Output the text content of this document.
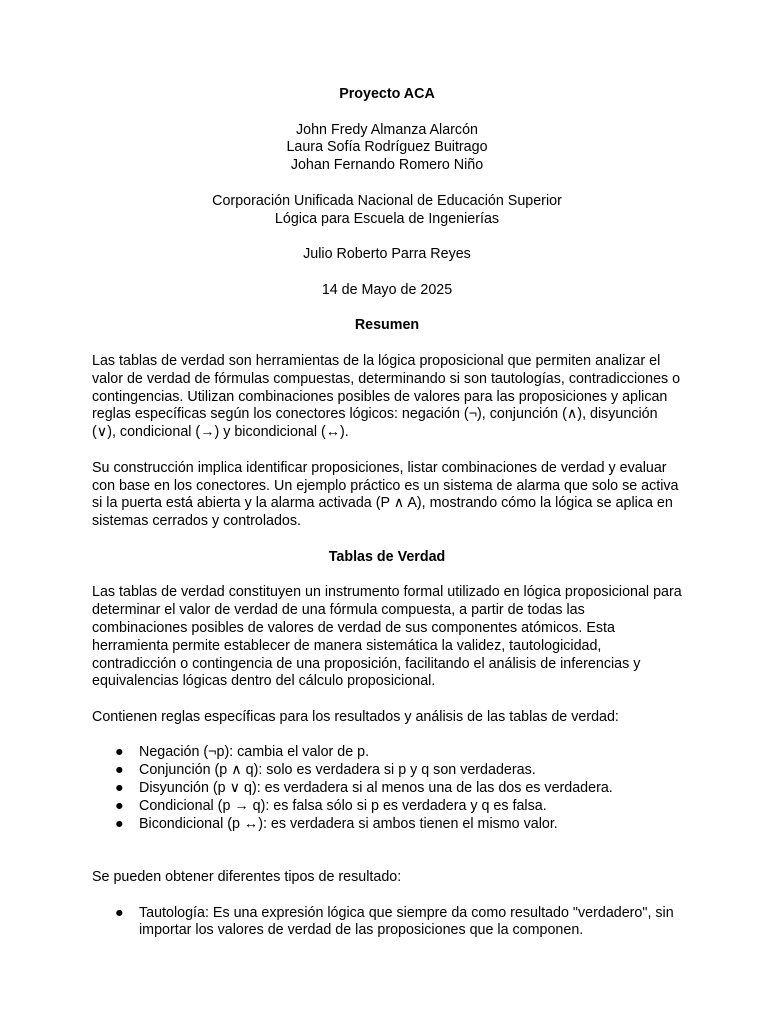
Proyecto ACA

John Fredy Almanza Alarcón

Laura Sofía Rodríguez Buitrago

Johan Fernando Romero Niño

Corporación Unificada Nacional de Educación Superior

Lógica para Escuela de Ingenierías

Julio Roberto Parra Reyes

14 de Mayo de 2025

Resumen

Las tablas de verdad son herramientas de la lógica proposicional que permiten analizar el valor de verdad de fórmulas compuestas, determinando si son tautologías, contradicciones o contingencias. Utilizan combinaciones posibles de valores para las proposiciones y aplican reglas específicas según los conectores lógicos: negación (¬), conjunción (∧), disyunción (∨), condicional (→) y bicondicional (↔).

Su construcción implica identificar proposiciones, listar combinaciones de verdad y evaluar con base en los conectores. Un ejemplo práctico es un sistema de alarma que solo se activa si la puerta está abierta y la alarma activada (P ∧ A), mostrando cómo la lógica se aplica en sistemas cerrados y controlados.

Tablas de Verdad

Las tablas de verdad constituyen un instrumento formal utilizado en lógica proposicional para determinar el valor de verdad de una fórmula compuesta, a partir de todas las combinaciones posibles de valores de verdad de sus componentes atómicos. Esta herramienta permite establecer de manera sistemática la validez, tautologicidad, contradicción o contingencia de una proposición, facilitando el análisis de inferencias y equivalencias lógicas dentro del cálculo proposicional.

Contienen reglas específicas para los resultados y análisis de las tablas de verdad:

● Negación (¬p): cambia el valor de p.
● Conjunción (p ∧ q): solo es verdadera si p y q son verdaderas.
● Disyunción (p ∨ q): es verdadera si al menos una de las dos es verdadera.
● Condicional (p → q): es falsa sólo si p es verdadera y q es falsa.
● Bicondicional (p ↔): es verdadera si ambos tienen el mismo valor.

Se pueden obtener diferentes tipos de resultado:

● Tautología: Es una expresión lógica que siempre da como resultado "verdadero", sin importar los valores de verdad de las proposiciones que la componen.
